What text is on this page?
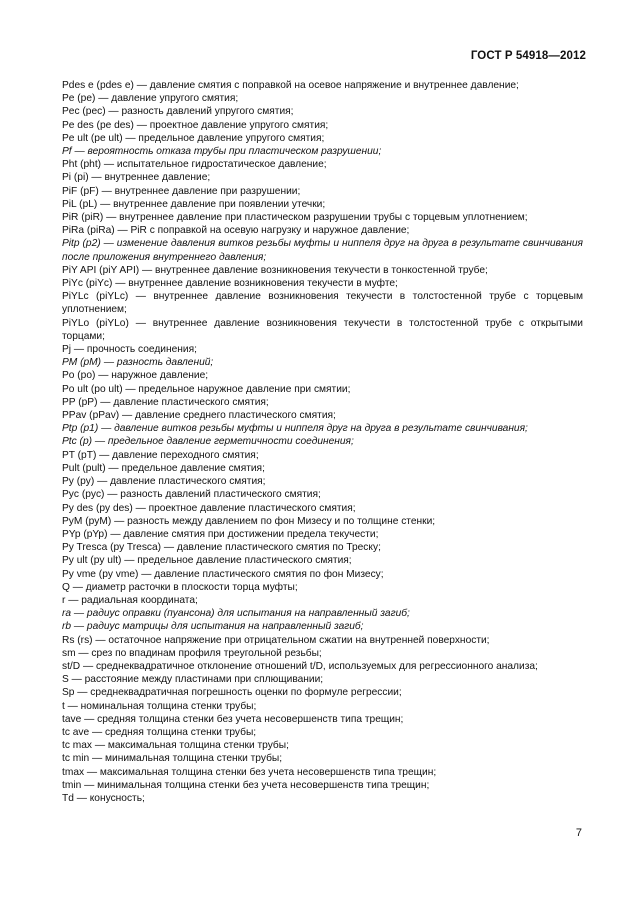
ГОСТ Р 54918—2012
Pdes e (pdes e) — давление смятия с поправкой на осевое напряжение и внутреннее давление;
Pe (pe) — давление упругого смятия;
Pec (pec) — разность давлений упругого смятия;
Pe des (pe des) — проектное давление упругого смятия;
Pe ult (pe ult) — предельное давление упругого смятия;
Pf — вероятность отказа трубы при пластическом разрушении;
Pht (pht) — испытательное гидростатическое давление;
Pi (pi) — внутреннее давление;
PiF (pF) — внутреннее давление при разрушении;
PiL (pL) — внутреннее давление при появлении утечки;
PiR (piR) — внутреннее давление при пластическом разрушении трубы с торцевым уплотнением;
PiRa (piRa) — PiR с поправкой на осевую нагрузку и наружное давление;
Pitp (p2) — изменение давления витков резьбы муфты и ниппеля друг на друга в результате свинчивания после приложения внутреннего давления;
PiY API (piY API) — внутреннее давление возникновения текучести в тонкостенной трубе;
PiYc (piYc) — внутреннее давление возникновения текучести в муфте;
PiYLc (piYLc) — внутреннее давление возникновения текучести в толстостенной трубе с торцевым уплотнением;
PiYLo (piYLo) — внутреннее давление возникновения текучести в толстостенной трубе с открытыми торцами;
Pj — прочность соединения;
PM (pM) — разность давлений;
Po (po) — наружное давление;
Po ult (po ult) — предельное наружное давление при смятии;
PP (pP) — давление пластического смятия;
PPav (pPav) — давление среднего пластического смятия;
Ptp (p1) — давление витков резьбы муфты и ниппеля друг на друга в результате свинчивания;
Ptc (p) — предельное давление герметичности соединения;
PT (pT) — давление переходного смятия;
Pult (pult) — предельное давление смятия;
Py (py) — давление пластического смятия;
Pyc (pyc) — разность давлений пластического смятия;
Py des (py des) — проектное давление пластического смятия;
PyM (pyM) — разность между давлением по фон Мизесу и по толщине стенки;
PYp (pYp) — давление смятия при достижении предела текучести;
Py Tresca (py Tresca) — давление пластического смятия по Треску;
Py ult (py ult) — предельное давление пластического смятия;
Py vme (py vme) — давление пластического смятия по фон Мизесу;
Q — диаметр расточки в плоскости торца муфты;
r — радиальная координата;
ra — радиус оправки (пуансона) для испытания на направленный загиб;
rb — радиус матрицы для испытания на направленный загиб;
Rs (rs) — остаточное напряжение при отрицательном сжатии на внутренней поверхности;
sm — срез по впадинам профиля треугольной резьбы;
st/D — среднеквадратичное отклонение отношений t/D, используемых для регрессионного анализа;
S — расстояние между пластинами при сплющивании;
Sp — среднеквадратичная погрешность оценки по формуле регрессии;
t — номинальная толщина стенки трубы;
tave — средняя толщина стенки без учета несовершенств типа трещин;
tc ave — средняя толщина стенки трубы;
tc max — максимальная толщина стенки трубы;
tc min — минимальная толщина стенки трубы;
tmax — максимальная толщина стенки без учета несовершенств типа трещин;
tmin — минимальная толщина стенки без учета несовершенств типа трещин;
Td — конусность;
7
